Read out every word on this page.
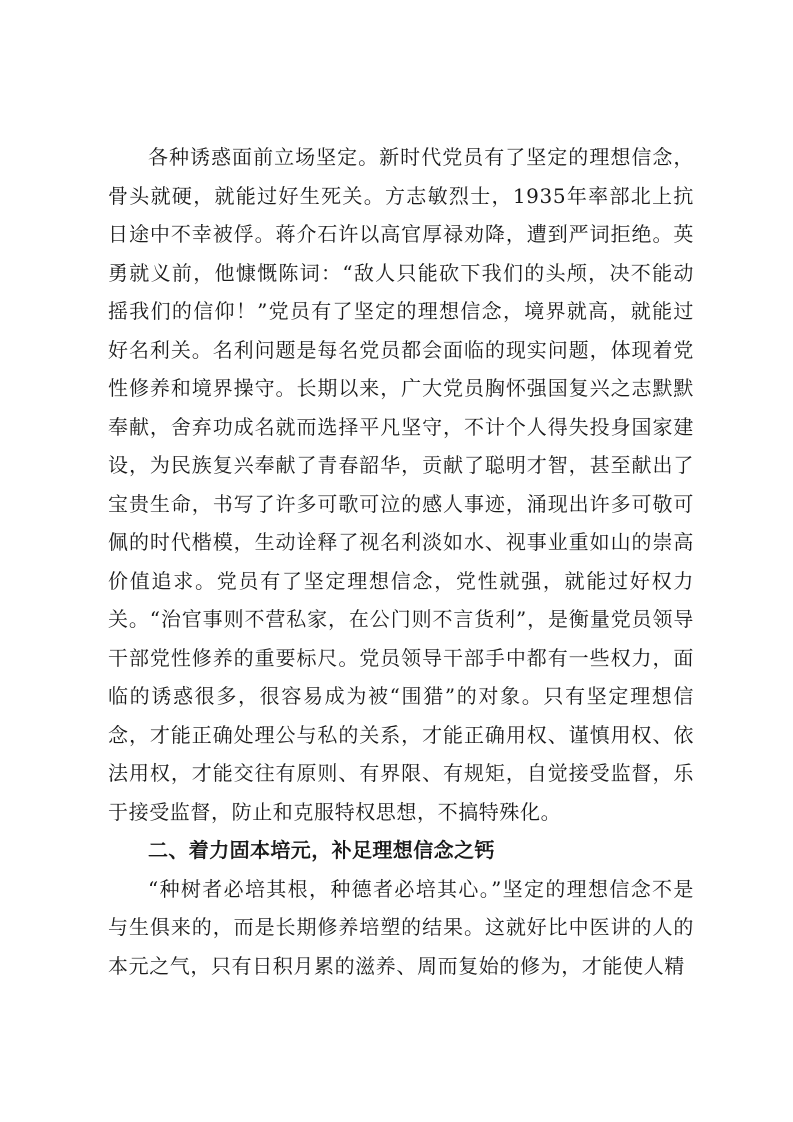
各种诱惑面前立场坚定。新时代党员有了坚定的理想信念，骨头就硬，就能过好生死关。方志敏烈士，1935年率部北上抗日途中不幸被俘。蒋介石许以高官厚禄劝降，遭到严词拒绝。英勇就义前，他慷慨陈词：“敌人只能砍下我们的头颅，决不能动摇我们的信仰！”党员有了坚定的理想信念，境界就高，就能过好名利关。名利问题是每名党员都会面临的现实问题，体现着党性修养和境界操守。长期以来，广大党员胸怀强国复兴之志默默奉献，舍弃功成名就而选择平凡坚守，不计个人得失投身国家建设，为民族复兴奉献了青春韶华，贡献了聪明才智，甚至献出了宝贵生命，书写了许多可歌可泣的感人事迹，涌现出许多可敬可佩的时代楷模，生动诠释了视名利淡如水、视事业重如山的崇高价值追求。党员有了坚定理想信念，党性就强，就能过好权力关。“治官事则不营私家，在公门则不言货利”，是衡量党员领导干部党性修养的重要标尺。党员领导干部手中都有一些权力，面临的诱惑很多，很容易成为被“围猎”的对象。只有坚定理想信念，才能正确处理公与私的关系，才能正确用权、谨慎用权、依法用权，才能交往有原则、有界限、有规矩，自觉接受监督，乐于接受监督，防止和克服特权思想，不搞特殊化。

二、着力固本培元，补足理想信念之钙

“种树者必培其根，种德者必培其心。”坚定的理想信念不是与生俱来的，而是长期修养培塑的结果。这就好比中医讲的人的本元之气，只有日积月累的滋养、周而复始的修为，才能使人精
